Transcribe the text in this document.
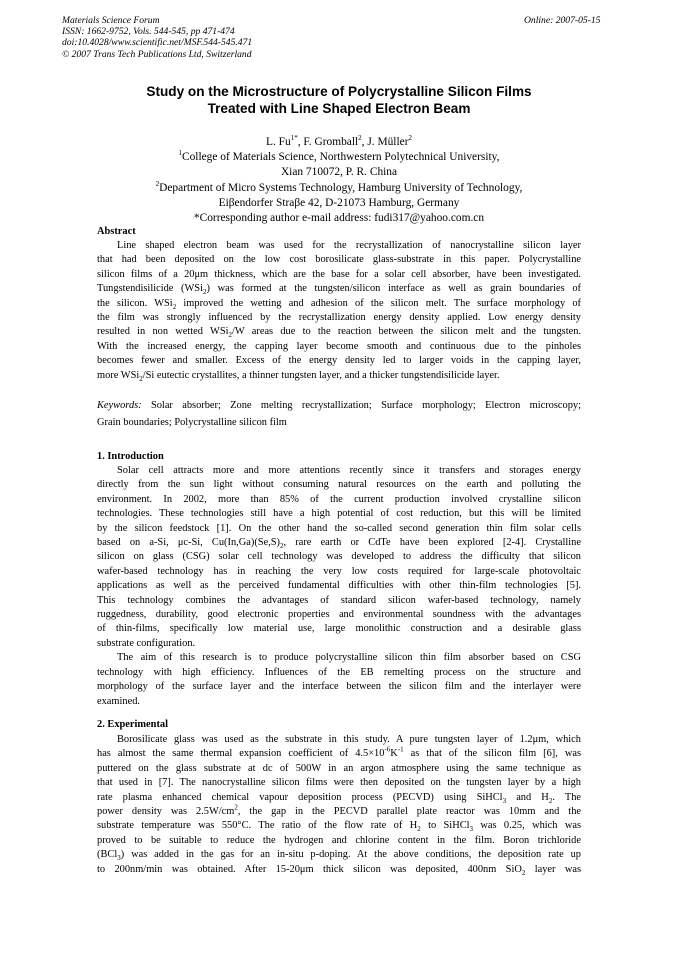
Materials Science Forum
ISSN: 1662-9752, Vols. 544-545, pp 471-474
doi:10.4028/www.scientific.net/MSF.544-545.471
© 2007 Trans Tech Publications Ltd, Switzerland
Online: 2007-05-15
Study on the Microstructure of Polycrystalline Silicon Films
Treated with Line Shaped Electron Beam
L. $Fu^{1*}$, F. Gromball$^2$, J. Müller$^2$
$^1$College of Materials Science, Northwestern Polytechnical University,
Xian 710072, P. R. China
$^2$Department of Micro Systems Technology, Hamburg University of Technology,
Eiβendorfer Straβe 42, D-21073 Hamburg, Germany
*Corresponding author e-mail address: fudi317@yahoo.com.cn
Abstract
Line shaped electron beam was used for the recrystallization of nanocrystalline silicon layer
that had been deposited on the low cost borosilicate glass-substrate in this paper. Polycrystalline
silicon films of a 20μm thickness, which are the base for a solar cell absorber, have been investigated.
Tungstendisilicide (WSi$_2$) was formed at the tungsten/silicon interface as well as grain boundaries of
the silicon. WSi$_2$ improved the wetting and adhesion of the silicon melt. The surface morphology of
the film was strongly influenced by the recrystallization energy density applied. Low energy density
resulted in non wetted WSi$_2$/W areas due to the reaction between the silicon melt and the tungsten.
With the increased energy, the capping layer become smooth and continuous due to the pinholes
becomes fewer and smaller. Excess of the energy density led to larger voids in the capping layer,
more WSi$_2$/Si eutectic crystallites, a thinner tungsten layer, and a thicker tungstendisilicide layer.
Keywords: Solar absorber; Zone melting recrystallization; Surface morphology; Electron microscopy;
Grain boundaries; Polycrystalline silicon film
1. Introduction
Solar cell attracts more and more attentions recently since it transfers and storages energy
directly from the sun light without consuming natural resources on the earth and polluting the
environment. In 2002, more than 85% of the current production involved crystalline silicon
technologies. These technologies still have a high potential of cost reduction, but this will be limited
by the silicon feedstock [1]. On the other hand the so-called second generation thin film solar cells
based on a-Si, μc-Si, $Cu(In,Ga)(Se,S)_2$, rare earth or CdTe have been explored [2-4]. Crystalline
silicon on glass (CSG) solar cell technology was developed to address the difficulty that silicon
wafer-based technology has in reaching the very low costs required for large-scale photovoltaic
applications as well as the perceived fundamental difficulties with other thin-film technologies [5].
This technology combines the advantages of standard silicon wafer-based technology, namely
ruggedness, durability, good electronic properties and environmental soundness with the advantages
of thin-films, specifically low material use, large monolithic construction and a desirable glass
substrate configuration.
The aim of this research is to produce polycrystalline silicon thin film absorber based on CSG
technology with high efficiency. Influences of the EB remelting process on the structure and
morphology of the surface layer and the interface between the silicon film and the interlayer were
examined.
2. Experimental
Borosilicate glass was used as the substrate in this study. A pure tungsten layer of 1.2μm, which
has almost the same thermal expansion coefficient of $4.5\times 10^{-6}K^{-1}$ as that of the silicon film [6], was
puttered on the glass substrate at dc of 500W in an argon atmosphere using the same technique as
that used in [7]. The nanocrystalline silicon films were then deposited on the tungsten layer by a high
rate plasma enhanced chemical vapour deposition process (PECVD) using SiHCl$_3$ and $H_2$. The
power density was $2.5W/cm^2$, the gap in the PECVD parallel plate reactor was 10mm and the
substrate temperature was 550°C. The ratio of the flow rate of $H_2$ to SiHCl$_3$ was 0.25, which was
proved to be suitable to reduce the hydrogen and chlorine content in the film. Boron trichloride
(BCl$_3$) was added in the gas for an in-situ p-doping. At the above conditions, the deposition rate up
to 200nm/min was obtained. After 15-20μm thick silicon was deposited, 400nm SiO$_2$ layer was
